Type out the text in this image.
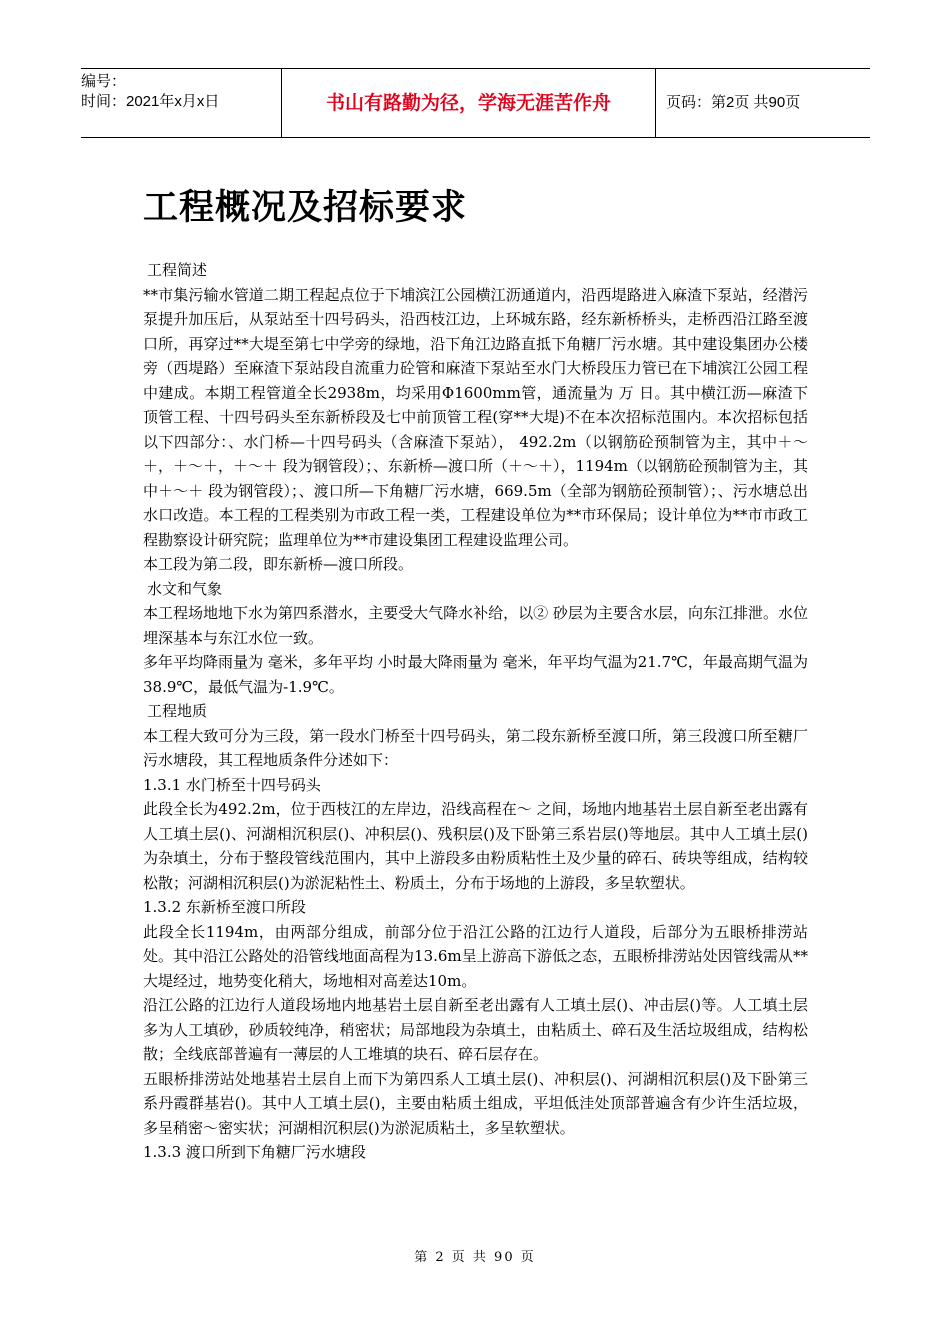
编号：
时间：2021年x月x日	书山有路勤为径，学海无涯苦作舟	页码：第2页 共90页
工程概况及招标要求

工程简述

**市集污输水管道二期工程起点位于下埔滨江公园横江沥通道内，沿西堤路进入麻渣下泵站，经潜污泵提升加压后，从泵站至十四号码头，沿西枝江边，上环城东路，经东新桥桥头，走桥西沿江路至渡口所，再穿过**大堤至第七中学旁的绿地，沿下角江边路直抵下角糖厂污水塘。其中建设集团办公楼旁（西堤路）至麻渣下泵站段自流重力砼管和麻渣下泵站至水门大桥段压力管已在下埔滨江公园工程中建成。本期工程管道全长2938m，均采用Φ1600mm管，通流量为 万 日。其中横江沥—麻渣下顶管工程、十四号码头至东新桥段及七中前顶管工程(穿**大堤)不在本次招标范围内。本次招标包括以下四部分：、水门桥—十四号码头（含麻渣下泵站）， 492.2m（以钢筋砼预制管为主，其中＋～＋，＋～＋，＋～＋ 段为钢管段）；、东新桥—渡口所（＋～＋），1194m（以钢筋砼预制管为主，其中＋～＋ 段为钢管段）；、渡口所—下角糖厂污水塘，669.5m（全部为钢筋砼预制管）；、污水塘总出水口改造。本工程的工程类别为市政工程一类，工程建设单位为**市环保局；设计单位为**市市政工程勘察设计研究院；监理单位为**市建设集团工程建设监理公司。

本工段为第二段，即东新桥—渡口所段。

水文和气象

本工程场地地下水为第四系潜水，主要受大气降水补给，以② 砂层为主要含水层，向东江排泄。水位埋深基本与东江水位一致。

多年平均降雨量为 毫米，多年平均 小时最大降雨量为 毫米，年平均气温为21.7℃，年最高期气温为38.9℃，最低气温为-1.9℃。

工程地质

本工程大致可分为三段，第一段水门桥至十四号码头，第二段东新桥至渡口所，第三段渡口所至糖厂污水塘段，其工程地质条件分述如下：

1.3.1 水门桥至十四号码头

此段全长为492.2m，位于西枝江的左岸边，沿线高程在～ 之间，场地内地基岩土层自新至老出露有人工填土层()、河湖相沉积层()、冲积层()、残积层()及下卧第三系岩层()等地层。其中人工填土层()为杂填土，分布于整段管线范围内，其中上游段多由粉质粘性土及少量的碎石、砖块等组成，结构较松散；河湖相沉积层()为淤泥粘性土、粉质土，分布于场地的上游段，多呈软塑状。

1.3.2 东新桥至渡口所段

此段全长1194m，由两部分组成，前部分位于沿江公路的江边行人道段，后部分为五眼桥排涝站处。其中沿江公路处的沿管线地面高程为13.6m呈上游高下游低之态，五眼桥排涝站处因管线需从**大堤经过，地势变化稍大，场地相对高差达10m。

沿江公路的江边行人道段场地内地基岩土层自新至老出露有人工填土层()、冲击层()等。人工填土层多为人工填砂，砂质较纯净，稍密状；局部地段为杂填土，由粘质土、碎石及生活垃圾组成，结构松散；全线底部普遍有一薄层的人工堆填的块石、碎石层存在。

五眼桥排涝站处地基岩土层自上而下为第四系人工填土层()、冲积层()、河湖相沉积层()及下卧第三系丹霞群基岩()。其中人工填土层()，主要由粘质土组成，平坦低洼处顶部普遍含有少许生活垃圾，多呈稍密～密实状；河湖相沉积层()为淤泥质粘土，多呈软塑状。

1.3.3 渡口所到下角糖厂污水塘段

第 2 页 共 90 页
